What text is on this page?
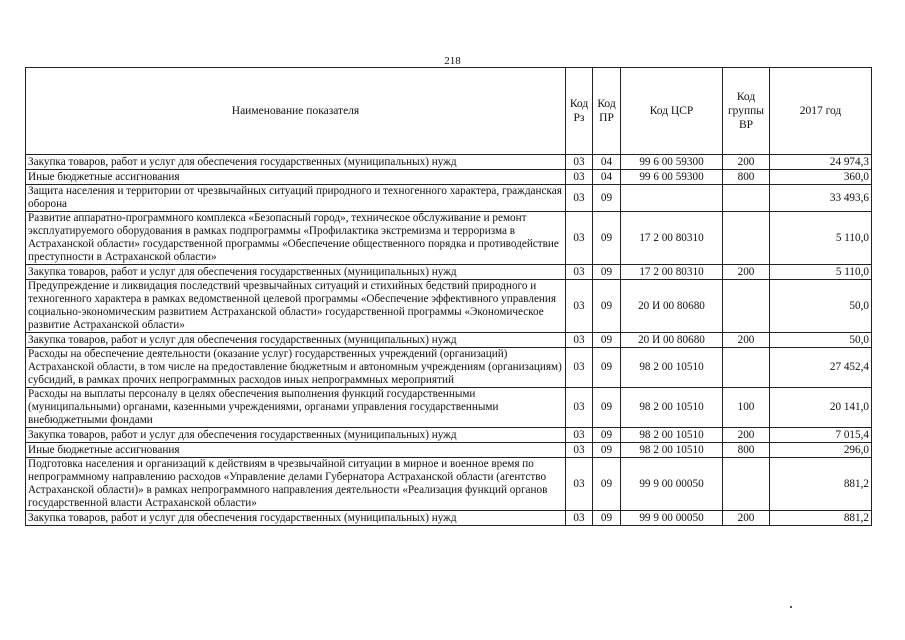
218
Наименование показателя	Код Рз	Код ПР	Код ЦСР	Код группы ВР	2017 год
Закупка товаров, работ и услуг для обеспечения государственных (муниципальных) нужд	03	04	99 6 00 59300	200	24 974,3
Иные бюджетные ассигнования	03	04	99 6 00 59300	800	360,0
Защита населения и территории от чрезвычайных ситуаций природного и техногенного характера, гражданская оборона	03	09			33 493,6
Развитие аппаратно-программного комплекса «Безопасный город», техническое обслуживание и ремонт эксплуатируемого оборудования в рамках подпрограммы «Профилактика экстремизма и терроризма в Астраханской области» государственной программы «Обеспечение общественного порядка и противодействие преступности в Астраханской области»	03	09	17 2 00 80310		5 110,0
Закупка товаров, работ и услуг для обеспечения государственных (муниципальных) нужд	03	09	17 2 00 80310	200	5 110,0
Предупреждение и ликвидация последствий чрезвычайных ситуаций и стихийных бедствий природного и техногенного характера в рамках ведомственной целевой программы «Обеспечение эффективного управления социально-экономическим развитием Астраханской области» государственной программы «Экономическое развитие Астраханской области»	03	09	20 И 00 80680		50,0
Закупка товаров, работ и услуг для обеспечения государственных (муниципальных) нужд	03	09	20 И 00 80680	200	50,0
Расходы на обеспечение деятельности (оказание услуг) государственных учреждений (организаций) Астраханской области, в том числе на предоставление бюджетным и автономным учреждениям (организациям) субсидий, в рамках прочих непрограммных расходов иных непрограммных мероприятий	03	09	98 2 00 10510		27 452,4
Расходы на выплаты персоналу в целях обеспечения выполнения функций государственными (муниципальными) органами, казенными учреждениями, органами управления государственными внебюджетными фондами	03	09	98 2 00 10510	100	20 141,0
Закупка товаров, работ и услуг для обеспечения государственных (муниципальных) нужд	03	09	98 2 00 10510	200	7 015,4
Иные бюджетные ассигнования	03	09	98 2 00 10510	800	296,0
Подготовка населения и организаций к действиям в чрезвычайной ситуации в мирное и военное время по непрограммному направлению расходов «Управление делами Губернатора Астраханской области (агентство Астраханской области)» в рамках непрограммного направления деятельности «Реализация функций органов государственной власти Астраханской области»	03	09	99 9 00 00050		881,2
Закупка товаров, работ и услуг для обеспечения государственных (муниципальных) нужд	03	09	99 9 00 00050	200	881,2
